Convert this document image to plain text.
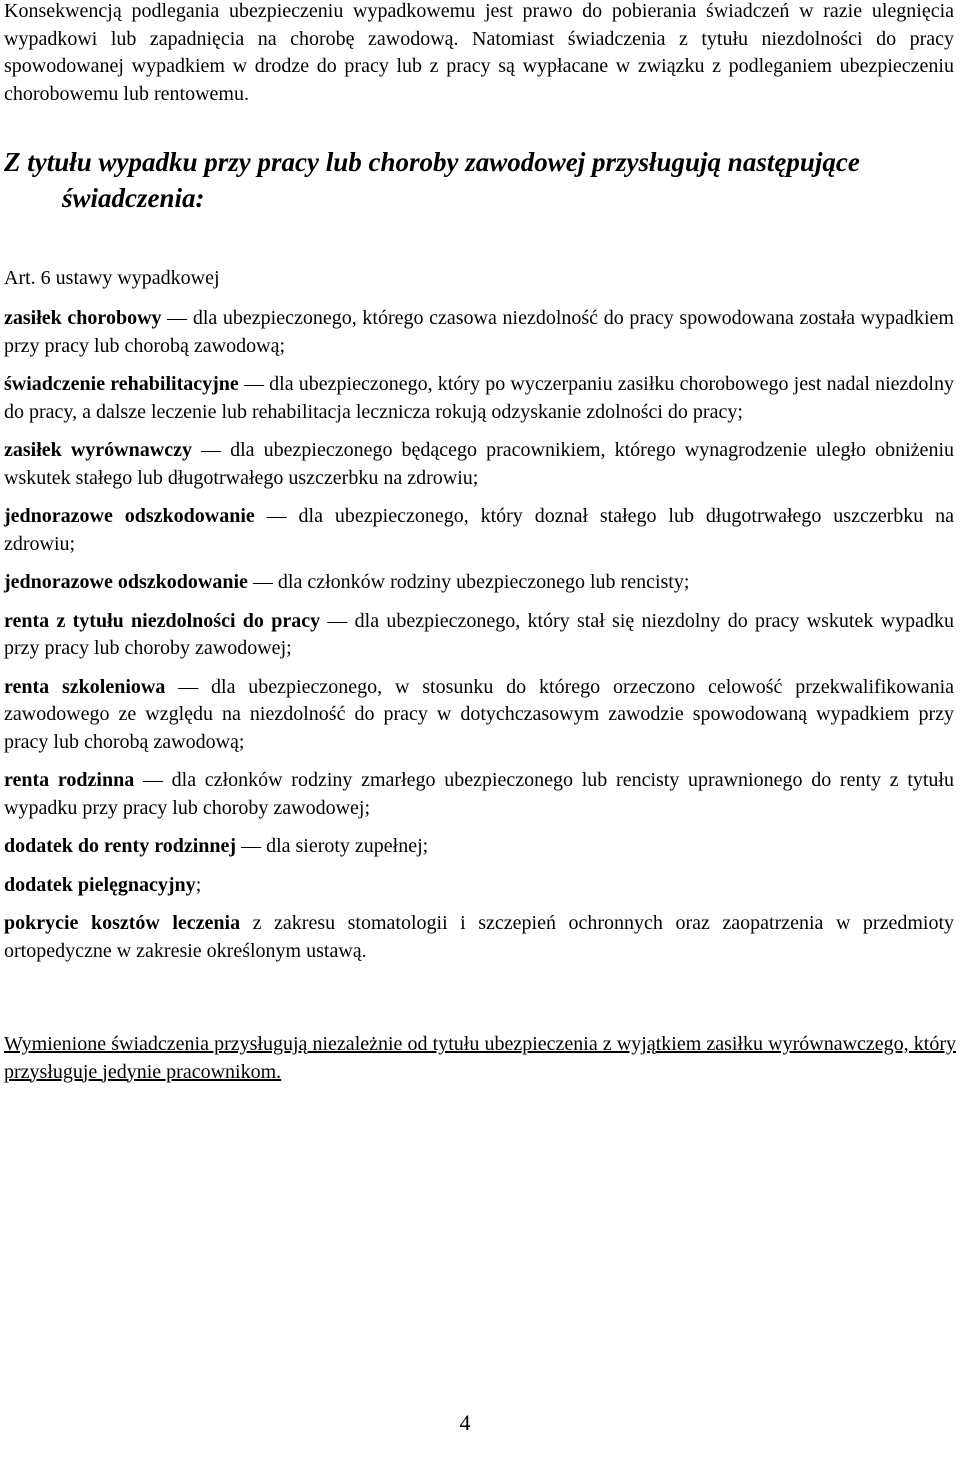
Konsekwencją podlegania ubezpieczeniu wypadkowemu jest prawo do pobierania świadczeń w razie ulegnięcia wypadkowi lub zapadnięcia na chorobę zawodową. Natomiast świadczenia z tytułu niezdolności do pracy spowodowanej wypadkiem w drodze do pracy lub z pracy są wypłacane w związku z podleganiem ubezpieczeniu chorobowemu lub rentowemu.

Z tytułu wypadku przy pracy lub choroby zawodowej przysługują następujące świadczenia:

Art. 6 ustawy wypadkowej

zasiłek chorobowy — dla ubezpieczonego, którego czasowa niezdolność do pracy spowodowana została wypadkiem przy pracy lub chorobą zawodową;

świadczenie rehabilitacyjne — dla ubezpieczonego, który po wyczerpaniu zasiłku chorobowego jest nadal niezdolny do pracy, a dalsze leczenie lub rehabilitacja lecznicza rokują odzyskanie zdolności do pracy;

zasiłek wyrównawczy — dla ubezpieczonego będącego pracownikiem, którego wynagrodzenie uległo obniżeniu wskutek stałego lub długotrwałego uszczerbku na zdrowiu;

jednorazowe odszkodowanie — dla ubezpieczonego, który doznał stałego lub długotrwałego uszczerbku na zdrowiu;

jednorazowe odszkodowanie — dla członków rodziny ubezpieczonego lub rencisty;

renta z tytułu niezdolności do pracy — dla ubezpieczonego, który stał się niezdolny do pracy wskutek wypadku przy pracy lub choroby zawodowej;

renta szkoleniowa — dla ubezpieczonego, w stosunku do którego orzeczono celowość przekwalifikowania zawodowego ze względu na niezdolność do pracy w dotychczasowym zawodzie spowodowaną wypadkiem przy pracy lub chorobą zawodową;

renta rodzinna — dla członków rodziny zmarłego ubezpieczonego lub rencisty uprawnionego do renty z tytułu wypadku przy pracy lub choroby zawodowej;

dodatek do renty rodzinnej — dla sieroty zupełnej;

dodatek pielęgnacyjny;

pokrycie kosztów leczenia z zakresu stomatologii i szczepień ochronnych oraz zaopatrzenia w przedmioty ortopedyczne w zakresie określonym ustawą.

Wymienione świadczenia przysługują niezależnie od tytułu ubezpieczenia z wyjątkiem zasiłku wyrównawczego, który przysługuje jedynie pracownikom.

4
